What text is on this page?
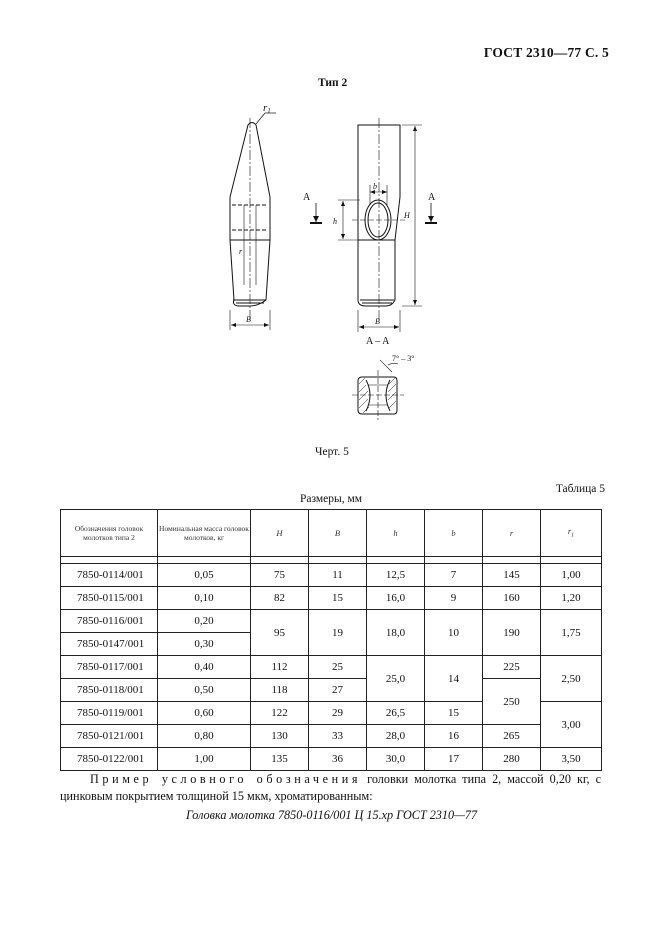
ГОСТ 2310—77 С. 5
Тип 2
r1
r
B	B
b
h
H
A	A
A – A
7° – 3°
Черт. 5
Таблица 5
Размеры, мм
Обозначения головок молотков типа 2	Номинальная масса головок молотков, кг	H	B	h	b	r	$r_1$

7850-0114/001	0,05	75	11	12,5	7	145	1,00
7850-0115/001	0,10	82	15	16,0	9	160	1,20
7850-0116/001	0,20	95	19	18,0	10	190	1,75
7850-0147/001	0,30						
7850-0117/001	0,40	112	25	25,0	14	225	2,50
7850-0118/001	0,50	118	27			250	
7850-0119/001	0,60	122	29	26,5	15		3,00
7850-0121/001	0,80	130	33	28,0	16	265	
7850-0122/001	1,00	135	36	30,0	17	280	3,50
Пример условного обозначения головки молотка типа 2, массой 0,20 кг, с цинковым покрытием толщиной 15 мкм, хроматированным:
Головка молотка 7850-0116/001 Ц 15.хр ГОСТ 2310—77
